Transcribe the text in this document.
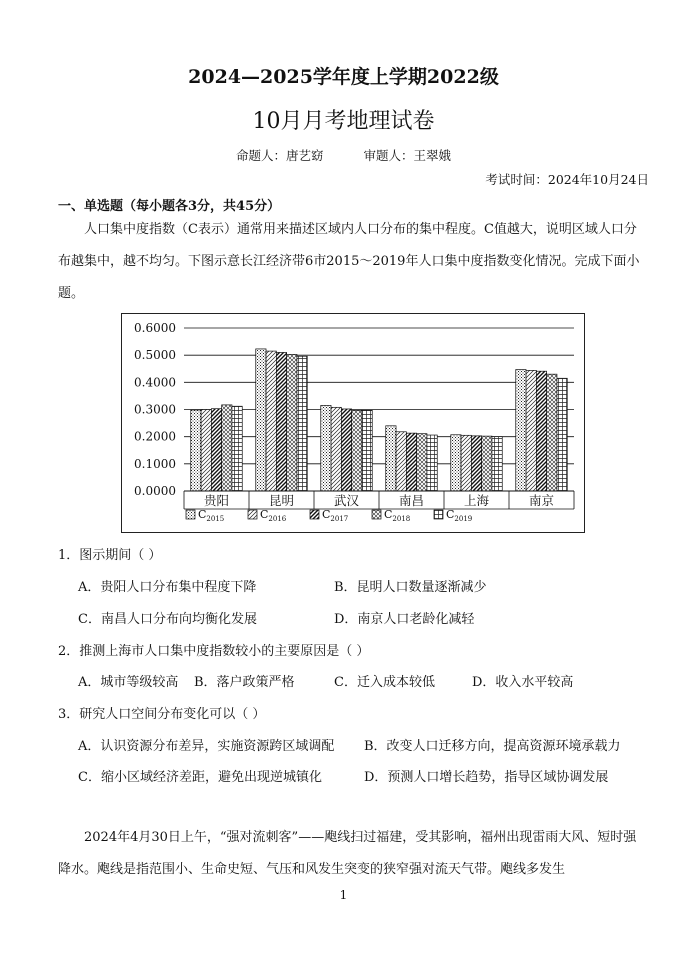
2024—2025学年度上学期2022级
10月月考地理试卷
命题人：唐艺窈	审题人：王翠娥
考试时间：2024年10月24日
一、单选题（每小题各3分，共45分）
人口集中度指数（C表示）通常用来描述区域内人口分布的集中程度。C值越大，说明区域人口分布越集中，越不均匀。下图示意长江经济带6市2015～2019年人口集中度指数变化情况。完成下面小题。
0.0000
0.1000
0.2000
0.3000
0.4000
0.5000
0.6000
贵阳	昆明	武汉	南昌	上海	南京
$C_{2015}$	$C_{2016}$	$C_{2017}$	$C_{2018}$	$C_{2019}$
1．图示期间（ ）
A．贵阳人口分布集中程度下降	B．昆明人口数量逐渐减少
C．南昌人口分布向均衡化发展	D．南京人口老龄化减轻
2．推测上海市人口集中度指数较小的主要原因是（ ）
A．城市等级较高 B．落户政策严格	C．迁入成本较低	D．收入水平较高
3．研究人口空间分布变化可以（ ）
A．认识资源分布差异，实施资源跨区域调配 B．改变人口迁移方向，提高资源环境承载力
C．缩小区域经济差距，避免出现逆城镇化	D．预测人口增长趋势，指导区域协调发展
2024年4月30日上午，“强对流刺客”——飑线扫过福建，受其影响，福州出现雷雨大风、短时强降水。飑线是指范围小、生命史短、气压和风发生突变的狭窄强对流天气带。飑线多发生
1
